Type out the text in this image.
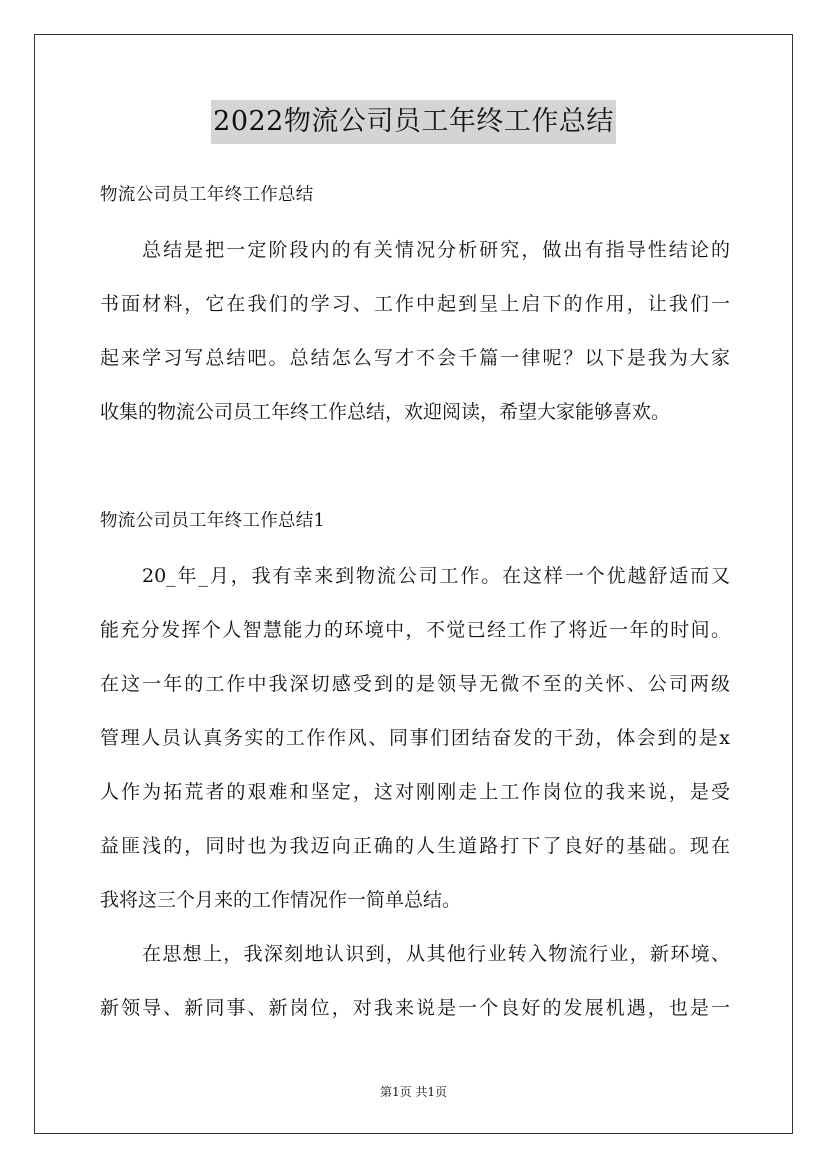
2022物流公司员工年终工作总结
物流公司员工年终工作总结
总结是把一定阶段内的有关情况分析研究，做出有指导性结论的
书面材料，它在我们的学习、工作中起到呈上启下的作用，让我们一
起来学习写总结吧。总结怎么写才不会千篇一律呢？以下是我为大家
收集的物流公司员工年终工作总结，欢迎阅读，希望大家能够喜欢。
物流公司员工年终工作总结1
20_年_月，我有幸来到物流公司工作。在这样一个优越舒适而又
能充分发挥个人智慧能力的环境中，不觉已经工作了将近一年的时间。
在这一年的工作中我深切感受到的是领导无微不至的关怀、公司两级
管理人员认真务实的工作作风、同事们团结奋发的干劲，体会到的是x
人作为拓荒者的艰难和坚定，这对刚刚走上工作岗位的我来说，是受
益匪浅的，同时也为我迈向正确的人生道路打下了良好的基础。现在
我将这三个月来的工作情况作一简单总结。
在思想上，我深刻地认识到，从其他行业转入物流行业，新环境、
新领导、新同事、新岗位，对我来说是一个良好的发展机遇，也是一
第1页 共1页
